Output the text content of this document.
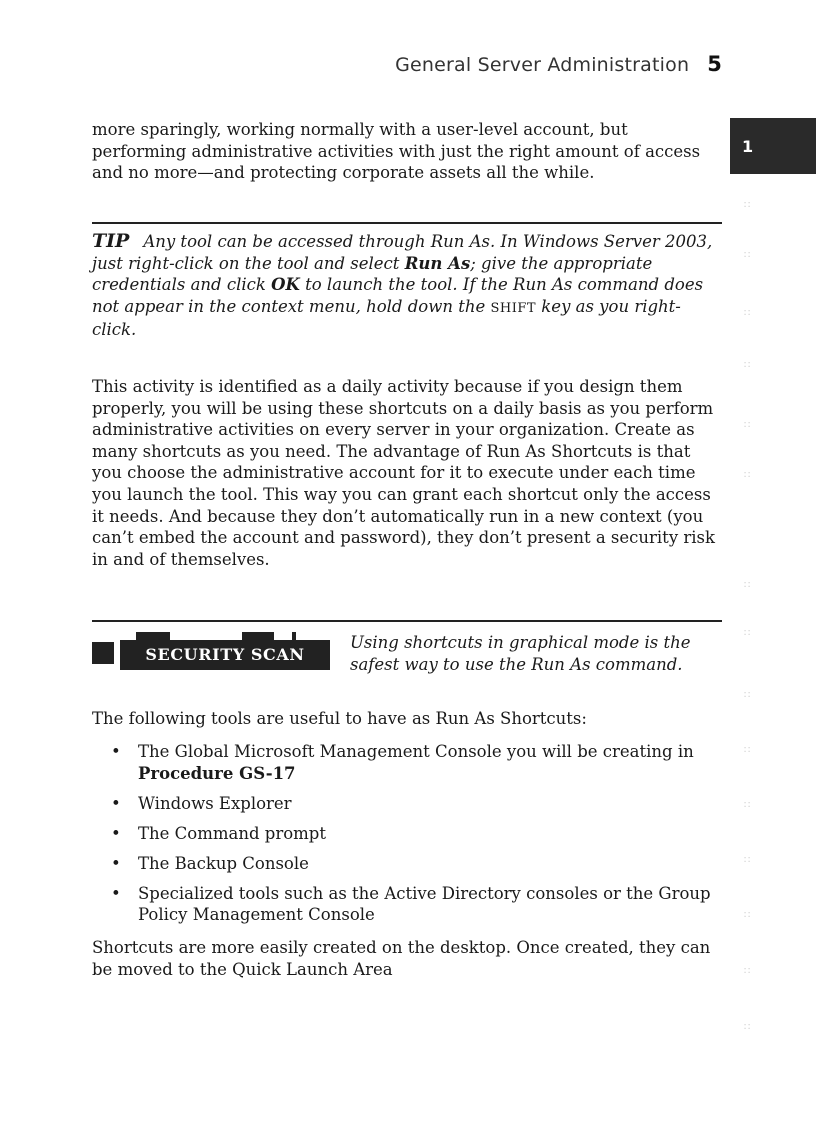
General Server Administration 5
1

more sparingly, working normally with a user-level account, but performing administrative activities with just the right amount of access and no more—and protecting corporate assets all the while.

TIP Any tool can be accessed through Run As. In Windows Server 2003, just right-click on the tool and select Run As; give the appropriate credentials and click OK to launch the tool. If the Run As command does not appear in the context menu, hold down the SHIFT key as you right-click.

This activity is identified as a daily activity because if you design them properly, you will be using these shortcuts on a daily basis as you perform administrative activities on every server in your organization. Create as many shortcuts as you need. The advantage of Run As Shortcuts is that you choose the administrative account for it to execute under each time you launch the tool. This way you can grant each shortcut only the access it needs. And because they don’t automatically run in a new context (you can’t embed the account and password), they don’t present a security risk in and of themselves.

SECURITY SCAN

Using shortcuts in graphical mode is the safest way to use the Run As command.

The following tools are useful to have as Run As Shortcuts:

• The Global Microsoft Management Console you will be creating in Procedure GS-17
• Windows Explorer
• The Command prompt
• The Backup Console
• Specialized tools such as the Active Directory consoles or the Group Policy Management Console

Shortcuts are more easily created on the desktop. Once created, they can be moved to the Quick Launch Area

∷
∷
∷
∷
∷
∷
∷
∷
∷
∷
∷
∷
∷
∷
∷
